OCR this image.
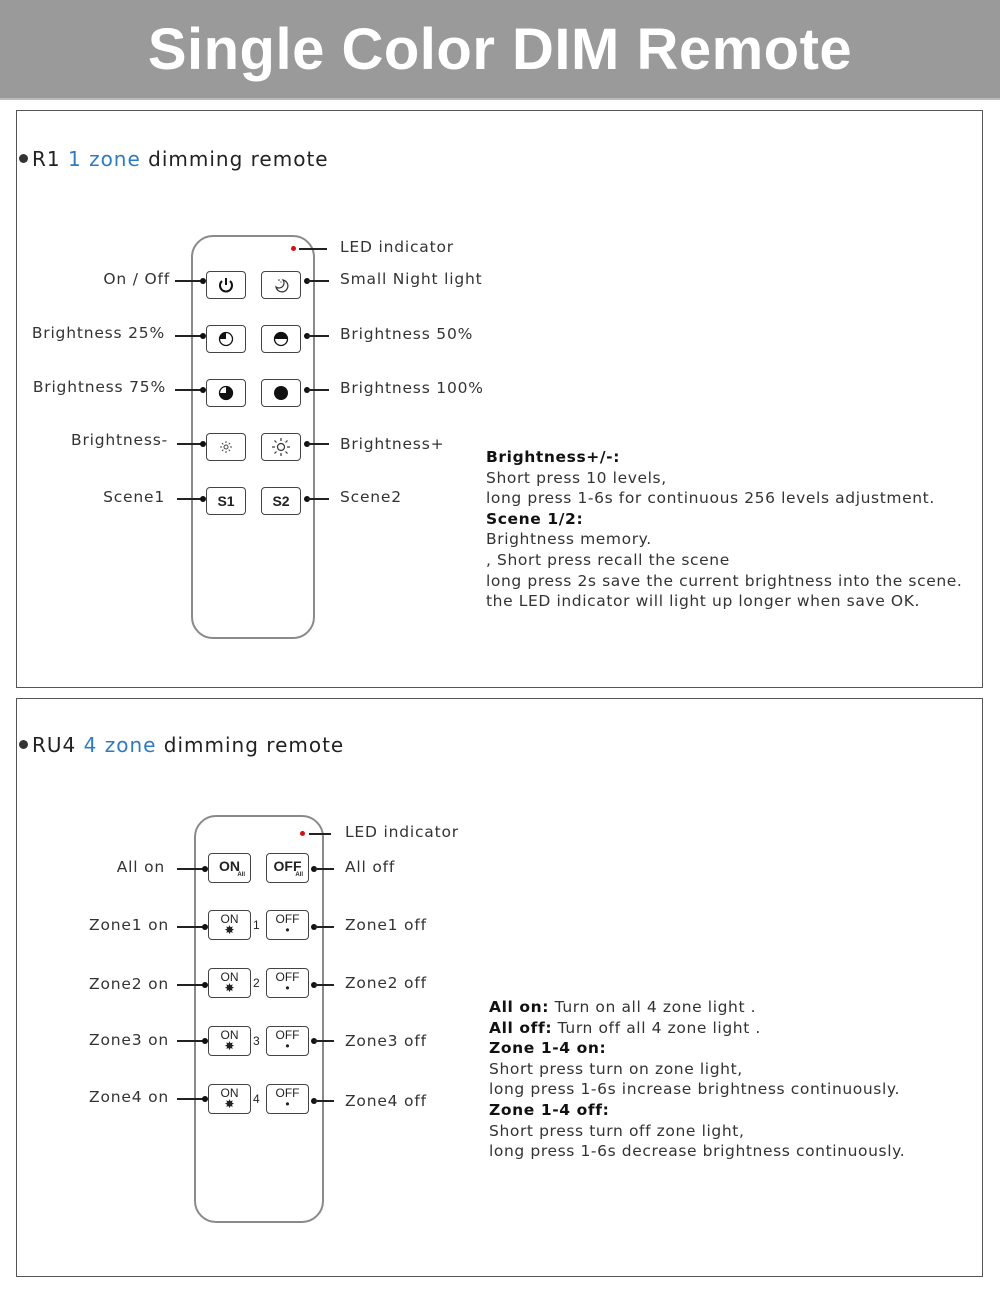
Single Color DIM Remote
R1 1 zone dimming remote
LED indicator
S1	S2
On / Off
Brightness 25%
Brightness 75%
Brightness-
Scene1
Small Night light
Brightness 50%
Brightness 100%
Brightness+
Scene2
Brightness+/-:
Short press 10 levels,
long press 1-6s for continuous 256 levels adjustment.
Scene 1/2:
Brightness memory.
, Short press recall the scene
long press 2s save the current brightness into the scene.
the LED indicator will light up longer when save OK.
RU4 4 zone dimming remote
LED indicator
ON
All
OFF
All
ON
✸ 1 OFF
•
ON
✸ 2 OFF
•
ON
✸ 3 OFF
•
ON
✸ 4 OFF
•
All on
Zone1 on
Zone2 on
Zone3 on
Zone4 on
All off
Zone1 off
Zone2 off
Zone3 off
Zone4 off
All on: Turn on all 4 zone light .
All off: Turn off all 4 zone light .
Zone 1-4 on:
Short press turn on zone light,
long press 1-6s increase brightness continuously.
Zone 1-4 off:
Short press turn off zone light,
long press 1-6s decrease brightness continuously.
